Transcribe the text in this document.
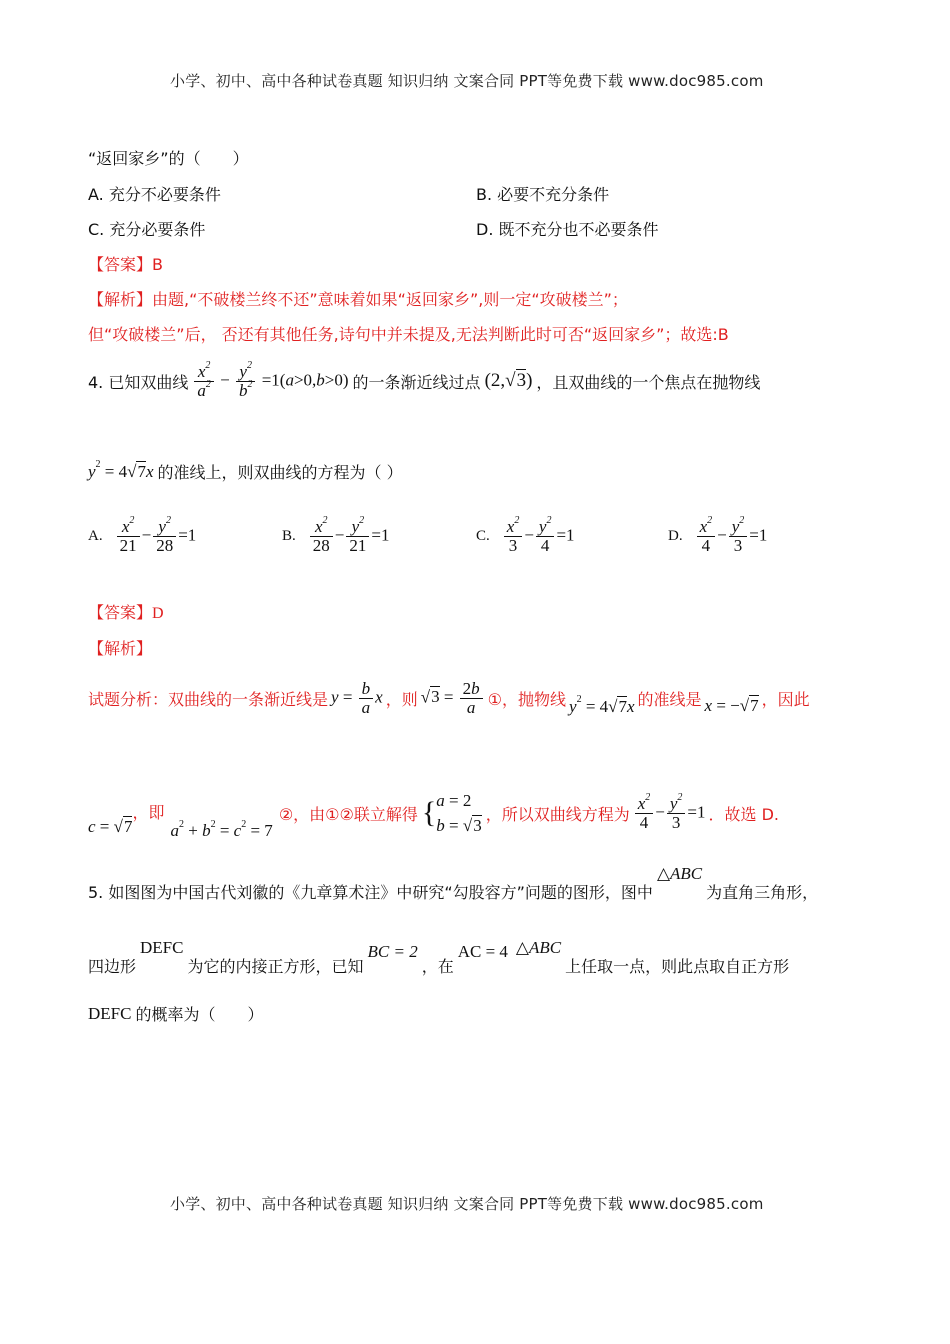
小学、初中、高中各种试卷真题 知识归纳 文案合同 PPT等免费下载 www.doc985.com
“返回家乡”的（　　）
A. 充分不必要条件	B. 必要不充分条件
C. 充分必要条件	D. 既不充分也不必要条件
【答案】B
【解析】由题,“不破楼兰终不还”意味着如果“返回家乡”,则一定“攻破楼兰”；
但“攻破楼兰”后， 否还有其他任务,诗句中并未提及,无法判断此时可否“返回家乡”；故选:B
4. 已知双曲线 $\frac{x^2}{a^2} - \frac{y^2}{b^2} =1(a>0,b>0)$ 的一条渐近线过点 (2,√3) ，且双曲线的一个焦点在抛物线
$y^2 = 4√7x$ 的准线上，则双曲线的方程为（ ）
A. $\frac{x^2}{21} - \frac{y^2}{28} =1$	B. $\frac{x^2}{28} - \frac{y^2}{21} =1$	C. $\frac{x^2}{3} - \frac{y^2}{4} =1$	D. $\frac{x^2}{4} - \frac{y^2}{3} =1$
【答案】D
【解析】
试题分析：双曲线的一条渐近线是 $y = \frac{b}{a}$ x ，则 $√3 = \frac{2b}{a}$ ①，抛物线 $y^2 = 4√7x$ 的准线是 x = −√7 ，因此
c = √7
，即
$a^2 + b^2 = c^2 = 7$
②，由①②联立解得 { a = 2
b = √3
，所以双曲线方程为 $\frac{x^2}{4} - \frac{y^2}{3} =1$ ．故选 D.
5. 如图图为中国古代刘徽的《九章算术注》中研究“勾股容方”问题的图形，图中
△ABC
为直角三角形，
四边形
DEFC
为它的内接正方形，已知
BC = 2
，在
AC = 4 △ABC
上任取一点，则此点取自正方形
DEFC 的概率为（　　）
小学、初中、高中各种试卷真题 知识归纳 文案合同 PPT等免费下载 www.doc985.com
